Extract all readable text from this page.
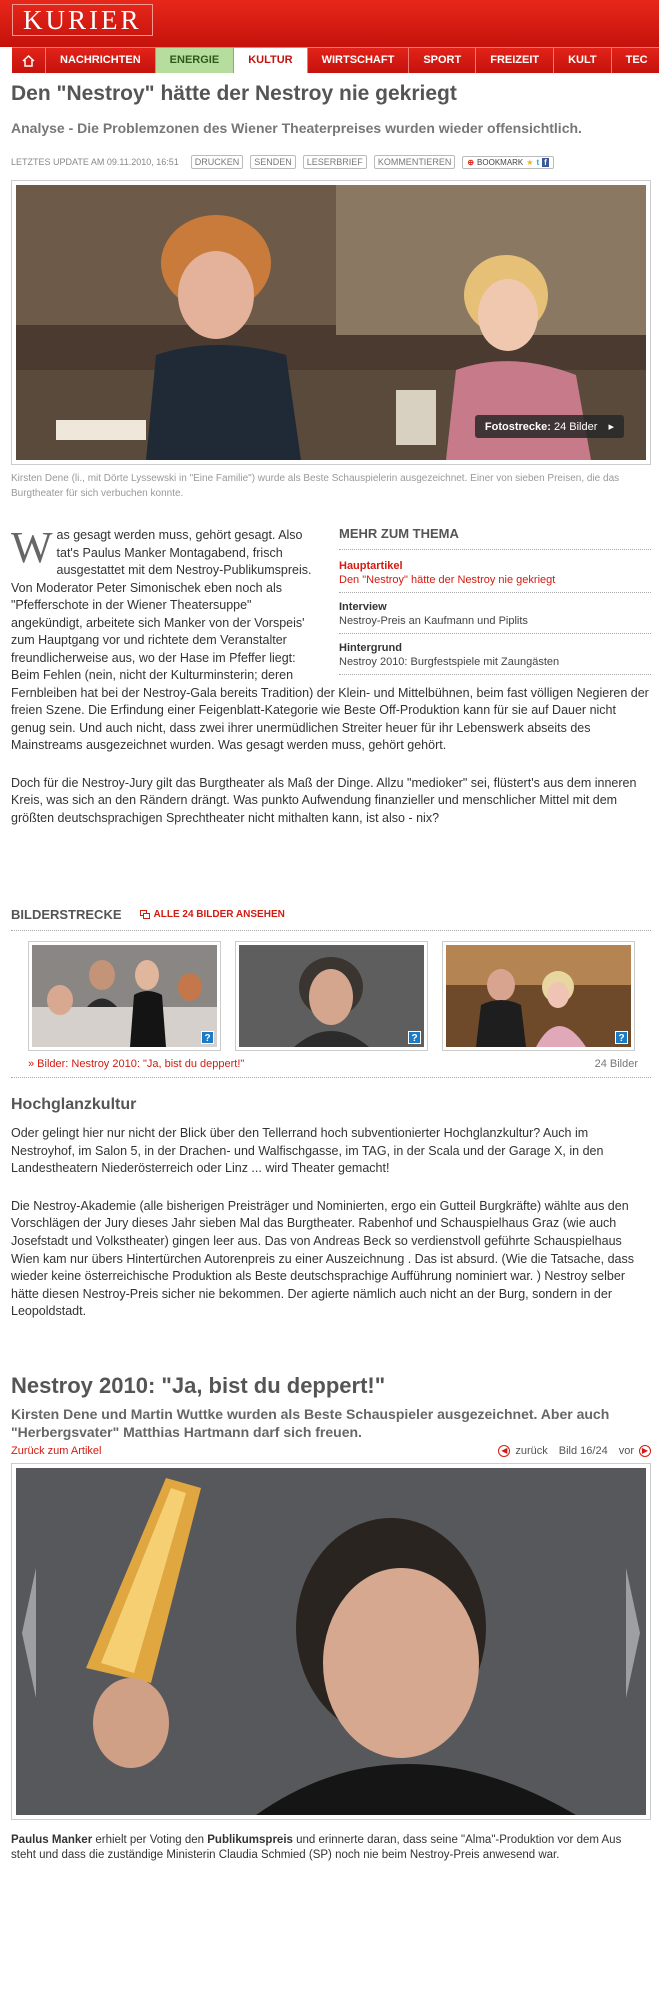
KURIER
NACHRICHTEN	ENERGIE	KULTUR	WIRTSCHAFT	SPORT	FREIZEIT	KULT	TEC
Den "Nestroy" hätte der Nestroy nie gekriegt
Analyse - Die Problemzonen des Wiener Theaterpreises wurden wieder offensichtlich.
LETZTES UPDATE AM 09.11.2010, 16:51	DRUCKEN	SENDEN	LESERBRIEF	KOMMENTIEREN	⊕ BOOKMARK ★ t f
Fotostrecke: 24 Bilder ▸

Kirsten Dene (li., mit Dörte Lyssewski in "Eine Familie") wurde als Beste Schauspielerin ausgezeichnet. Einer von sieben Preisen, die das Burgtheater für sich verbuchen konnte.

MEHR ZUM THEMA
Hauptartikel
Den "Nestroy" hätte der Nestroy nie gekriegt
Interview
Nestroy-Preis an Kaufmann und Piplits
Hintergrund
Nestroy 2010: Burgfestspiele mit Zaungästen

Was gesagt werden muss, gehört gesagt. Also tat's Paulus Manker Montagabend, frisch ausgestattet mit dem Nestroy-Publikumspreis. Von Moderator Peter Simonischek eben noch als "Pfefferschote in der Wiener Theatersuppe" angekündigt, arbeitete sich Manker von der Vorspeis' zum Hauptgang vor und richtete dem Veranstalter freundlicherweise aus, wo der Hase im Pfeffer liegt: Beim Fehlen (nein, nicht der Kulturminsterin; deren Fernbleiben hat bei der Nestroy-Gala bereits Tradition) der Klein- und Mittelbühnen, beim fast völligen Negieren der freien Szene. Die Erfindung einer Feigenblatt-Kategorie wie Beste Off-Produktion kann für sie auf Dauer nicht genug sein. Und auch nicht, dass zwei ihrer unermüdlichen Streiter heuer für ihr Lebenswerk abseits des Mainstreams ausgezeichnet wurden. Was gesagt werden muss, gehört gehört.

Doch für die Nestroy-Jury gilt das Burgtheater als Maß der Dinge. Allzu "medioker" sei, flüstert's aus dem inneren Kreis, was sich an den Rändern drängt. Was punkto Aufwendung finanzieller und menschlicher Mittel mit dem größten deutschsprachigen Sprechtheater nicht mithalten kann, ist also - nix?

BILDERSTRECKE	ALLE 24 BILDER ANSEHEN
?	?	?
» Bilder: Nestroy 2010: "Ja, bist du deppert!"	24 Bilder
Hochglanzkultur

Oder gelingt hier nur nicht der Blick über den Tellerrand hoch subventionierter Hochglanzkultur? Auch im Nestroyhof, im Salon 5, in der Drachen- und Walfischgasse, im TAG, in der Scala und der Garage X, in den Landestheatern Niederösterreich oder Linz ... wird Theater gemacht!

Die Nestroy-Akademie (alle bisherigen Preisträger und Nominierten, ergo ein Gutteil Burgkräfte) wählte aus den Vorschlägen der Jury dieses Jahr sieben Mal das Burgtheater. Rabenhof und Schauspielhaus Graz (wie auch Josefstadt und Volkstheater) gingen leer aus. Das von Andreas Beck so verdienstvoll geführte Schauspielhaus Wien kam nur übers Hintertürchen Autorenpreis zu einer Auszeichnung . Das ist absurd. (Wie die Tatsache, dass wieder keine österreichische Produktion als Beste deutschsprachige Aufführung nominiert war. ) Nestroy selber hätte diesen Nestroy-Preis sicher nie bekommen. Der agierte nämlich auch nicht an der Burg, sondern in der Leopoldstadt.

Nestroy 2010: "Ja, bist du deppert!"

Kirsten Dene und Martin Wuttke wurden als Beste Schauspieler ausgezeichnet. Aber auch "Herbergsvater" Matthias Hartmann darf sich freuen.

Zurück zum Artikel	◀ zurück Bild 16/24 vor ▶

Paulus Manker erhielt per Voting den Publikumspreis und erinnerte daran, dass seine "Alma"-Produktion vor dem Aus steht und dass die zuständige Ministerin Claudia Schmied (SP) noch nie beim Nestroy-Preis anwesend war.
